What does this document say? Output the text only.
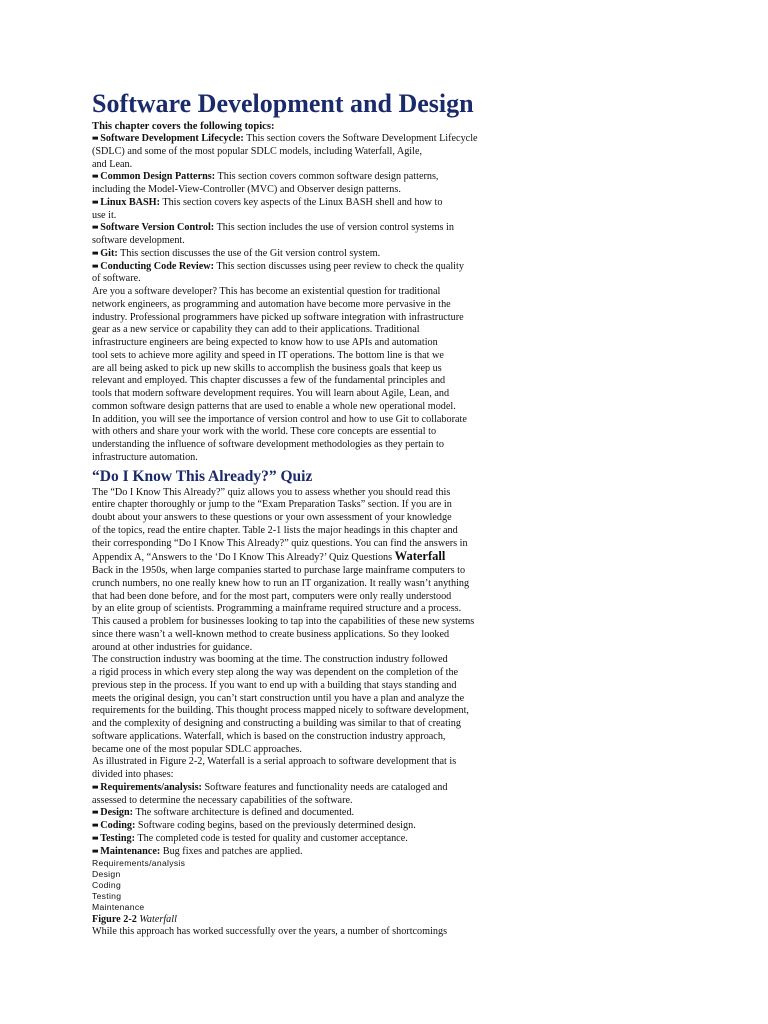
Software Development and Design
This chapter covers the following topics:
■■ Software Development Lifecycle: This section covers the Software Development Lifecycle
(SDLC) and some of the most popular SDLC models, including Waterfall, Agile,
and Lean.
■■ Common Design Patterns: This section covers common software design patterns,
including the Model-View-Controller (MVC) and Observer design patterns.
■■ Linux BASH: This section covers key aspects of the Linux BASH shell and how to
use it.
■■ Software Version Control: This section includes the use of version control systems in
software development.
■■ Git: This section discusses the use of the Git version control system.
■■ Conducting Code Review: This section discusses using peer review to check the quality
of software.
Are you a software developer? This has become an existential question for traditional
network engineers, as programming and automation have become more pervasive in the
industry. Professional programmers have picked up software integration with infrastructure
gear as a new service or capability they can add to their applications. Traditional
infrastructure engineers are being expected to know how to use APIs and automation
tool sets to achieve more agility and speed in IT operations. The bottom line is that we
are all being asked to pick up new skills to accomplish the business goals that keep us
relevant and employed. This chapter discusses a few of the fundamental principles and
tools that modern software development requires. You will learn about Agile, Lean, and
common software design patterns that are used to enable a whole new operational model.
In addition, you will see the importance of version control and how to use Git to collaborate
with others and share your work with the world. These core concepts are essential to
understanding the influence of software development methodologies as they pertain to
infrastructure automation.
“Do I Know This Already?” Quiz
The “Do I Know This Already?” quiz allows you to assess whether you should read this
entire chapter thoroughly or jump to the “Exam Preparation Tasks” section. If you are in
doubt about your answers to these questions or your own assessment of your knowledge
of the topics, read the entire chapter. Table 2-1 lists the major headings in this chapter and
their corresponding “Do I Know This Already?” quiz questions. You can find the answers in
Appendix A, “Answers to the ‘Do I Know This Already?’ Quiz Questions Waterfall
Back in the 1950s, when large companies started to purchase large mainframe computers to
crunch numbers, no one really knew how to run an IT organization. It really wasn’t anything
that had been done before, and for the most part, computers were only really understood
by an elite group of scientists. Programming a mainframe required structure and a process.
This caused a problem for businesses looking to tap into the capabilities of these new systems
since there wasn’t a well-known method to create business applications. So they looked
around at other industries for guidance.
The construction industry was booming at the time. The construction industry followed
a rigid process in which every step along the way was dependent on the completion of the
previous step in the process. If you want to end up with a building that stays standing and
meets the original design, you can’t start construction until you have a plan and analyze the
requirements for the building. This thought process mapped nicely to software development,
and the complexity of designing and constructing a building was similar to that of creating
software applications. Waterfall, which is based on the construction industry approach,
became one of the most popular SDLC approaches.
As illustrated in Figure 2-2, Waterfall is a serial approach to software development that is
divided into phases:
■■ Requirements/analysis: Software features and functionality needs are cataloged and
assessed to determine the necessary capabilities of the software.
■■ Design: The software architecture is defined and documented.
■■ Coding: Software coding begins, based on the previously determined design.
■■ Testing: The completed code is tested for quality and customer acceptance.
■■ Maintenance: Bug fixes and patches are applied.
Requirements/analysis
Design
Coding
Testing
Maintenance
Figure 2-2 Waterfall
While this approach has worked successfully over the years, a number of shortcomings
